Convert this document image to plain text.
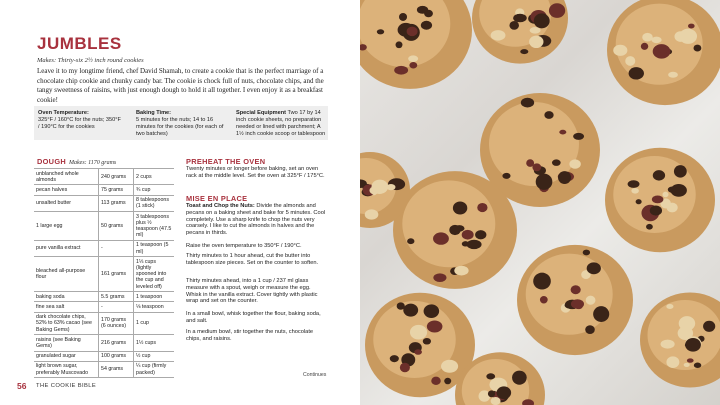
JUMBLES
Makes: Thirty-six 2½ inch round cookies

Leave it to my longtime friend, chef David Shamah, to create a cookie that is the perfect marriage of a chocolate chip cookie and chunky candy bar. The cookie is chock full of nuts, chocolate chips, and the tangy sweetness of raisins, with just enough dough to hold it all together. I even enjoy it as a breakfast cookie!

Oven Temperature:
325°F / 160°C for the nuts; 350°F / 190°C for the cookies
Baking Time:
5 minutes for the nuts; 14 to 16 minutes for the cookies (for each of two batches)
Special Equipment Two 17 by 14 inch cookie sheets, no preparation needed or lined with parchment; A 1½ inch cookie scoop or tablespoon
DOUGH Makes: 1170 grams
unblanched whole almonds	240 grams	2 cups
pecan halves	75 grams	¾ cup
unsalted butter	113 grams	8 tablespoons (1 stick)
1 large egg	50 grams	3 tablespoons plus ½ teaspoon (47.5 ml)
pure vanilla extract	-	1 teaspoon (5 ml)
bleached all-purpose flour	161 grams	1⅓ cups (lightly spooned into the cup and leveled off)
baking soda	5.5 grams	1 teaspoon
fine sea salt	-	⅛ teaspoon
dark chocolate chips, 52% to 63% cacao (see Baking Gems)	170 grams (6 ounces)	1 cup
raisins (see Baking Gems)	216 grams	1½ cups
granulated sugar	100 grams	½ cup
light brown sugar, preferably Muscovado	54 grams	¼ cup (firmly packed)
PREHEAT THE OVEN

Twenty minutes or longer before baking, set an oven rack at the middle level. Set the oven at 325°F / 175°C.

MISE EN PLACE

Toast and Chop the Nuts: Divide the almonds and pecans on a baking sheet and bake for 5 minutes. Cool completely. Use a sharp knife to chop the nuts very coarsely. I like to cut the almonds in halves and the pecans in thirds.

Raise the oven temperature to 350°F / 190°C.

Thirty minutes to 1 hour ahead, cut the butter into tablespoon size pieces. Set on the counter to soften.

Thirty minutes ahead, into a 1 cup / 237 ml glass measure with a spout, weigh or measure the egg. Whisk in the vanilla extract. Cover tightly with plastic wrap and set on the counter.

In a small bowl, whisk together the flour, baking soda, and salt.

In a medium bowl, stir together the nuts, chocolate chips, and raisins.

Continues
56 THE COOKIE BIBLE
